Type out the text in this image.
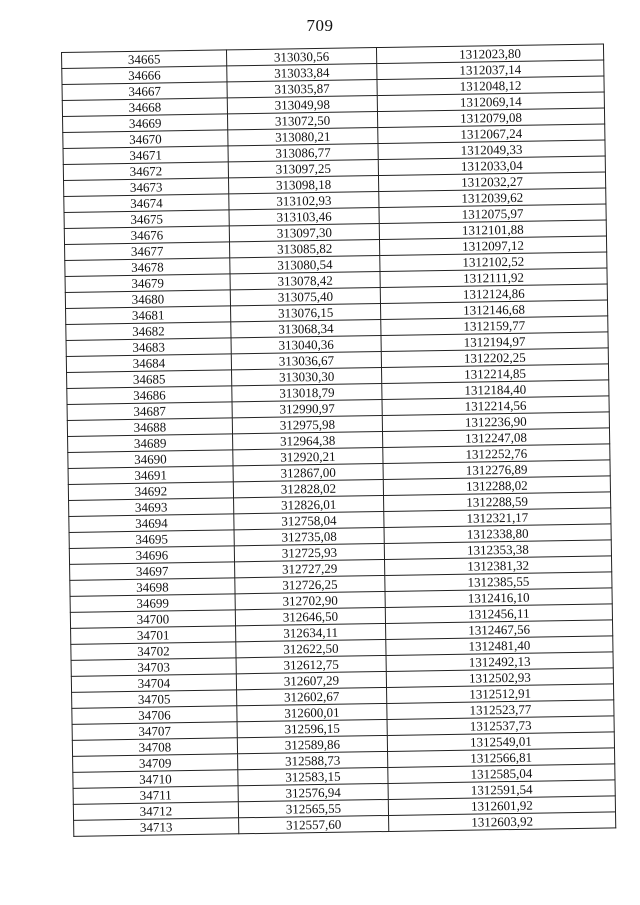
709
34665	313030,56	1312023,80
34666	313033,84	1312037,14
34667	313035,87	1312048,12
34668	313049,98	1312069,14
34669	313072,50	1312079,08
34670	313080,21	1312067,24
34671	313086,77	1312049,33
34672	313097,25	1312033,04
34673	313098,18	1312032,27
34674	313102,93	1312039,62
34675	313103,46	1312075,97
34676	313097,30	1312101,88
34677	313085,82	1312097,12
34678	313080,54	1312102,52
34679	313078,42	1312111,92
34680	313075,40	1312124,86
34681	313076,15	1312146,68
34682	313068,34	1312159,77
34683	313040,36	1312194,97
34684	313036,67	1312202,25
34685	313030,30	1312214,85
34686	313018,79	1312184,40
34687	312990,97	1312214,56
34688	312975,98	1312236,90
34689	312964,38	1312247,08
34690	312920,21	1312252,76
34691	312867,00	1312276,89
34692	312828,02	1312288,02
34693	312826,01	1312288,59
34694	312758,04	1312321,17
34695	312735,08	1312338,80
34696	312725,93	1312353,38
34697	312727,29	1312381,32
34698	312726,25	1312385,55
34699	312702,90	1312416,10
34700	312646,50	1312456,11
34701	312634,11	1312467,56
34702	312622,50	1312481,40
34703	312612,75	1312492,13
34704	312607,29	1312502,93
34705	312602,67	1312512,91
34706	312600,01	1312523,77
34707	312596,15	1312537,73
34708	312589,86	1312549,01
34709	312588,73	1312566,81
34710	312583,15	1312585,04
34711	312576,94	1312591,54
34712	312565,55	1312601,92
34713	312557,60	1312603,92
